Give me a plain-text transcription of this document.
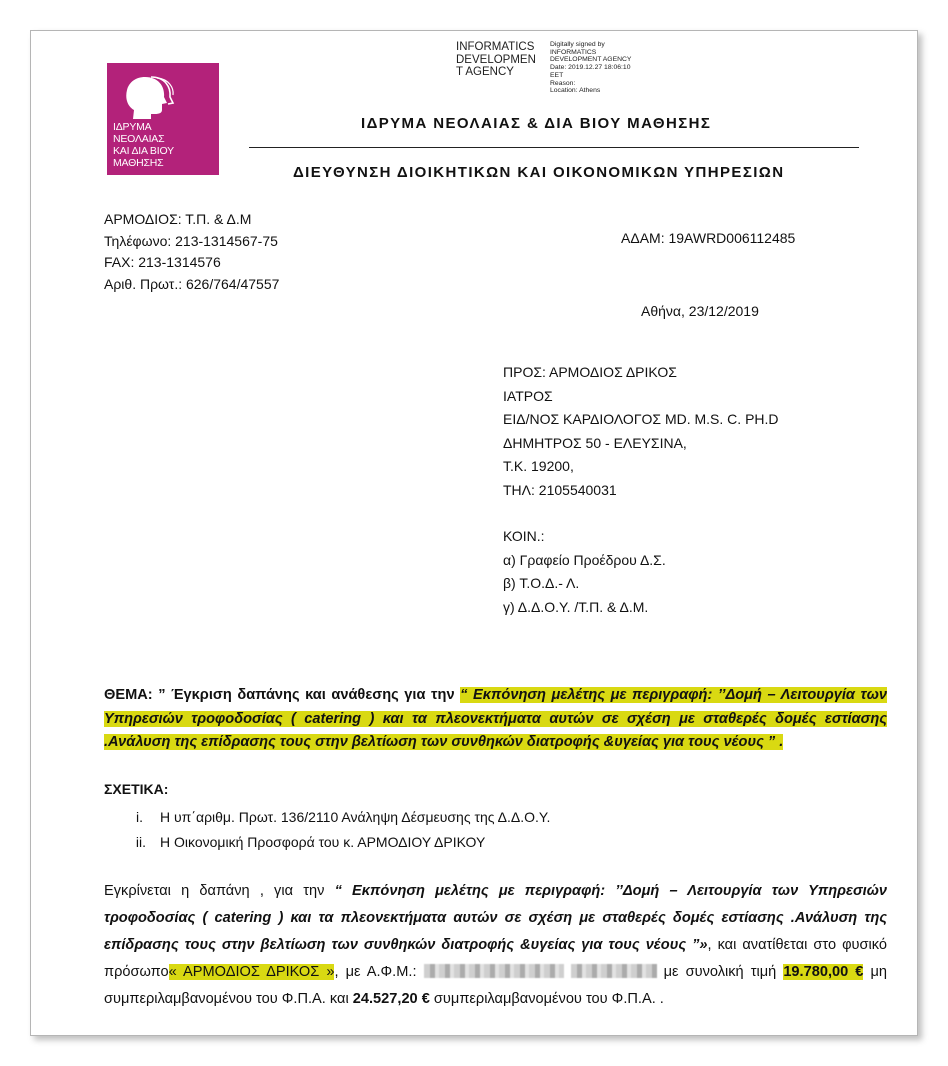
ΙΔΡΥΜΑ
ΝΕΟΛΑΙΑΣ
ΚΑΙ ΔΙΑ ΒΙΟΥ
ΜΑΘΗΣΗΣ
INFORMATICS
DEVELOPMEN
T AGENCY
Digitally signed by
INFORMATICS
DEVELOPMENT AGENCY
Date: 2019.12.27 18:06:10
EET
Reason:
Location: Athens
ΙΔΡΥΜΑ ΝΕΟΛΑΙΑΣ & ΔΙΑ ΒΙΟΥ ΜΑΘΗΣΗΣ
ΔΙΕΥΘΥΝΣΗ ΔΙΟΙΚΗΤΙΚΩΝ ΚΑΙ ΟΙΚΟΝΟΜΙΚΩΝ ΥΠΗΡΕΣΙΩΝ
ΑΡΜΟΔΙΟΣ: Τ.Π. & Δ.Μ
Τηλέφωνο: 213-1314567-75
FAX: 213-1314576
Αριθ. Πρωτ.: 626/764/47557
ΑΔΑΜ: 19AWRD006112485
Αθήνα, 23/12/2019
ΠΡΟΣ: ΑΡΜΟΔΙΟΣ ΔΡΙΚΟΣ
ΙΑΤΡΟΣ
ΕΙΔ/ΝΟΣ ΚΑΡΔΙΟΛΟΓΟΣ MD. M.S. C. PH.D
ΔΗΜΗΤΡΟΣ 50 - ΕΛΕΥΣΙΝΑ,
Τ.Κ. 19200,
ΤΗΛ: 2105540031
ΚΟΙΝ.:
α) Γραφείο Προέδρου Δ.Σ.
β) Τ.Ο.Δ.- Λ.
γ) Δ.Δ.Ο.Υ. /Τ.Π. & Δ.Μ.
ΘΕΜΑ: ” Έγκριση δαπάνης και ανάθεσης για την “ Εκπόνηση μελέτης με περιγραφή: ’’Δομή – Λειτουργία των Υπηρεσιών τροφοδοσίας ( catering ) και τα πλεονεκτήματα αυτών σε σχέση με σταθερές δομές εστίασης .Ανάλυση της επίδρασης τους στην βελτίωση των συνθηκών διατροφής &υγείας για τους νέους ” .
ΣΧΕΤΙΚΑ:
i.	Η υπ΄αριθμ. Πρωτ. 136/2110 Ανάληψη Δέσμευσης της Δ.Δ.Ο.Υ.
ii.	Η Οικονομική Προσφορά του κ. ΑΡΜΟΔΙΟΥ ΔΡΙΚΟΥ
Εγκρίνεται η δαπάνη , για την “ Εκπόνηση μελέτης με περιγραφή: ’’Δομή – Λειτουργία των Υπηρεσιών τροφοδοσίας ( catering ) και τα πλεονεκτήματα αυτών σε σχέση με σταθερές δομές εστίασης .Ανάλυση της επίδρασης τους στην βελτίωση των συνθηκών διατροφής &υγείας για τους νέους ”», και ανατίθεται στο φυσικό πρόσωπο« ΑΡΜΟΔΙΟΣ ΔΡΙΚΟΣ », με Α.Φ.Μ.:	με συνολική τιμή 19.780,00 € μη συμπεριλαμβανομένου του Φ.Π.Α. και 24.527,20 € συμπεριλαμβανομένου του Φ.Π.Α. .
